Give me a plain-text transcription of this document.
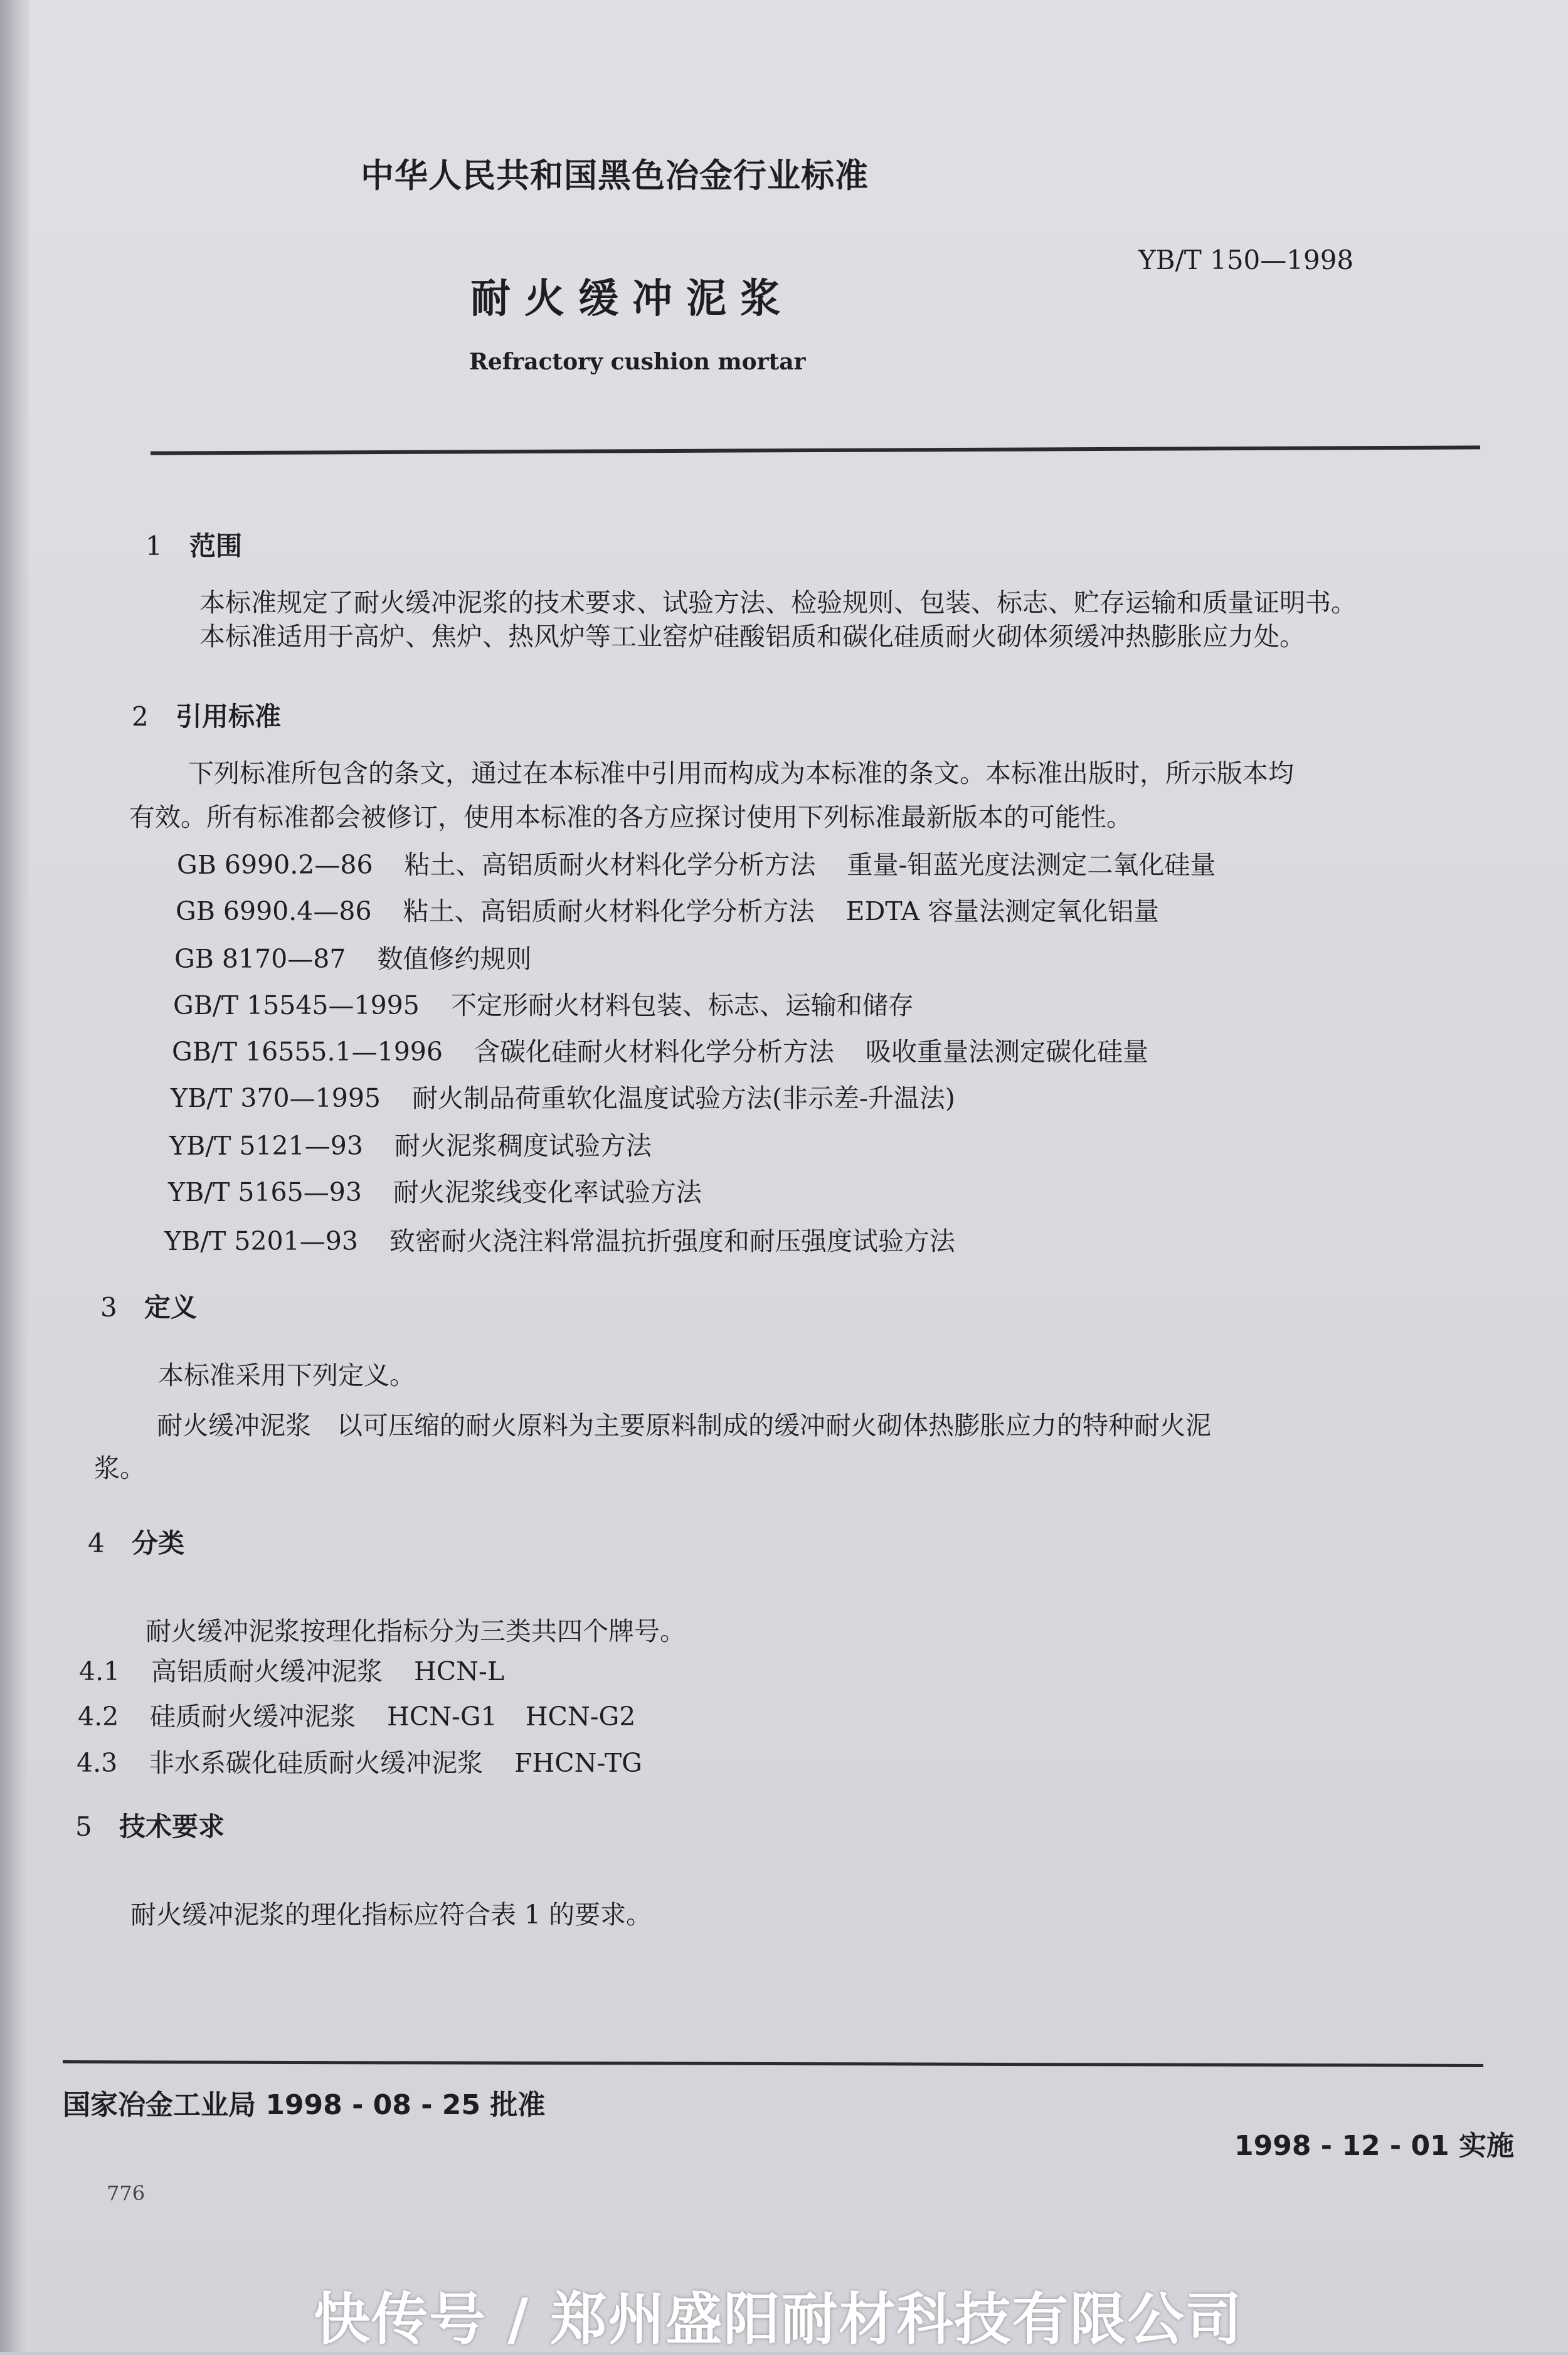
中华人民共和国黑色冶金行业标准
YB/T 150—1998
耐火缓冲泥浆
Refractory cushion mortar
1 范围
本标准规定了耐火缓冲泥浆的技术要求、试验方法、检验规则、包装、标志、贮存运输和质量证明书。
本标准适用于高炉、焦炉、热风炉等工业窑炉硅酸铝质和碳化硅质耐火砌体须缓冲热膨胀应力处。
2 引用标准
下列标准所包含的条文，通过在本标准中引用而构成为本标准的条文。本标准出版时，所示版本均
有效。所有标准都会被修订，使用本标准的各方应探讨使用下列标准最新版本的可能性。
GB 6990.2—86 粘土、高铝质耐火材料化学分析方法 重量-钼蓝光度法测定二氧化硅量
GB 6990.4—86 粘土、高铝质耐火材料化学分析方法 EDTA 容量法测定氧化铝量
GB 8170—87 数值修约规则
GB/T 15545—1995 不定形耐火材料包装、标志、运输和储存
GB/T 16555.1—1996 含碳化硅耐火材料化学分析方法 吸收重量法测定碳化硅量
YB/T 370—1995 耐火制品荷重软化温度试验方法(非示差-升温法)
YB/T 5121—93 耐火泥浆稠度试验方法
YB/T 5165—93 耐火泥浆线变化率试验方法
YB/T 5201—93 致密耐火浇注料常温抗折强度和耐压强度试验方法
3 定义
本标准采用下列定义。
耐火缓冲泥浆　以可压缩的耐火原料为主要原料制成的缓冲耐火砌体热膨胀应力的特种耐火泥
浆。
4 分类
耐火缓冲泥浆按理化指标分为三类共四个牌号。
4.1 高铝质耐火缓冲泥浆 HCN-L
4.2 硅质耐火缓冲泥浆 HCN-G1 HCN-G2
4.3 非水系碳化硅质耐火缓冲泥浆 FHCN-TG
5 技术要求
耐火缓冲泥浆的理化指标应符合表 1 的要求。
国家冶金工业局 1998 - 08 - 25 批准
1998 - 12 - 01 实施
776
快传号 / 郑州盛阳耐材科技有限公司
